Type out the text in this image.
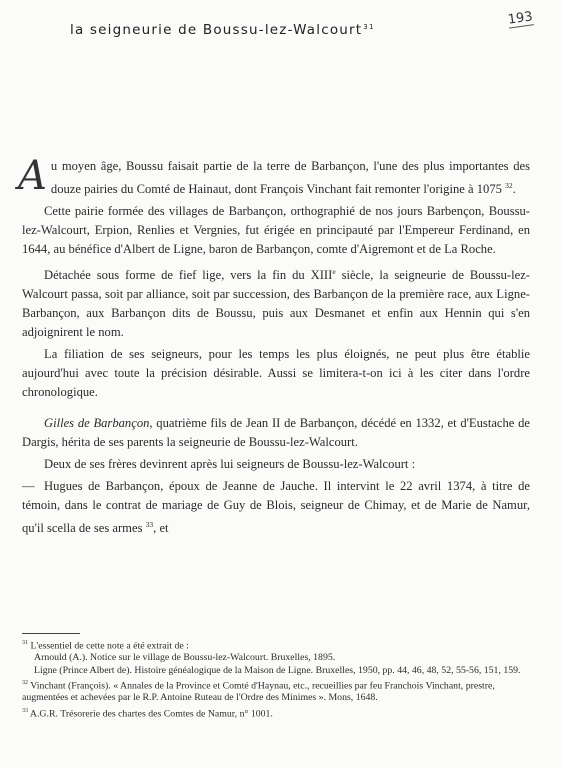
la seigneurie de Boussu-lez-Walcourt$^{31}$	193

Au moyen âge, Boussu faisait partie de la terre de Barbançon, l'une des plus importantes des douze pairies du Comté de Hainaut, dont François Vinchant fait remonter l'origine à 1075 $^{32}$.

Cette pairie formée des villages de Barbançon, orthographié de nos jours Barbençon, Boussu-lez-Walcourt, Erpion, Renlies et Vergnies, fut érigée en principauté par l'Empereur Ferdinand, en 1644, au bénéfice d'Albert de Ligne, baron de Barbançon, comte d'Aigremont et de La Roche.

Détachée sous forme de fief lige, vers la fin du XIIIe siècle, la seigneurie de Boussu-lez-Walcourt passa, soit par alliance, soit par succession, des Barbançon de la première race, aux Ligne-Barbançon, aux Barbançon dits de Boussu, puis aux Desmanet et enfin aux Hennin qui s'en adjoignirent le nom.

La filiation de ses seigneurs, pour les temps les plus éloignés, ne peut plus être établie aujourd'hui avec toute la précision désirable. Aussi se limitera-t-on ici à les citer dans l'ordre chronologique.

Gilles de Barbançon, quatrième fils de Jean II de Barbançon, décédé en 1332, et d'Eustache de Dargis, hérita de ses parents la seigneurie de Boussu-lez-Walcourt.

Deux de ses frères devinrent après lui seigneurs de Boussu-lez-Walcourt :

— Hugues de Barbançon, époux de Jeanne de Jauche. Il intervint le 22 avril 1374, à titre de témoin, dans le contrat de mariage de Guy de Blois, seigneur de Chimay, et de Marie de Namur, qu'il scella de ses armes $^{33}$, et

$^{31}$ L'essentiel de cette note a été extrait de :

Arnould (A.). Notice sur le village de Boussu-lez-Walcourt. Bruxelles, 1895.

Ligne (Prince Albert de). Histoire généalogique de la Maison de Ligne. Bruxelles, 1950, pp. 44, 46, 48, 52, 55-56, 151, 159.

$^{32}$ Vinchant (François). « Annales de la Province et Comté d'Haynau, etc., recueillies par feu Franchois Vinchant, prestre, augmentées et achevées par le R.P. Antoine Ruteau de l'Ordre des Minimes ». Mons, 1648.

$^{33}$ A.G.R. Trésorerie des chartes des Comtes de Namur, n° 1001.
